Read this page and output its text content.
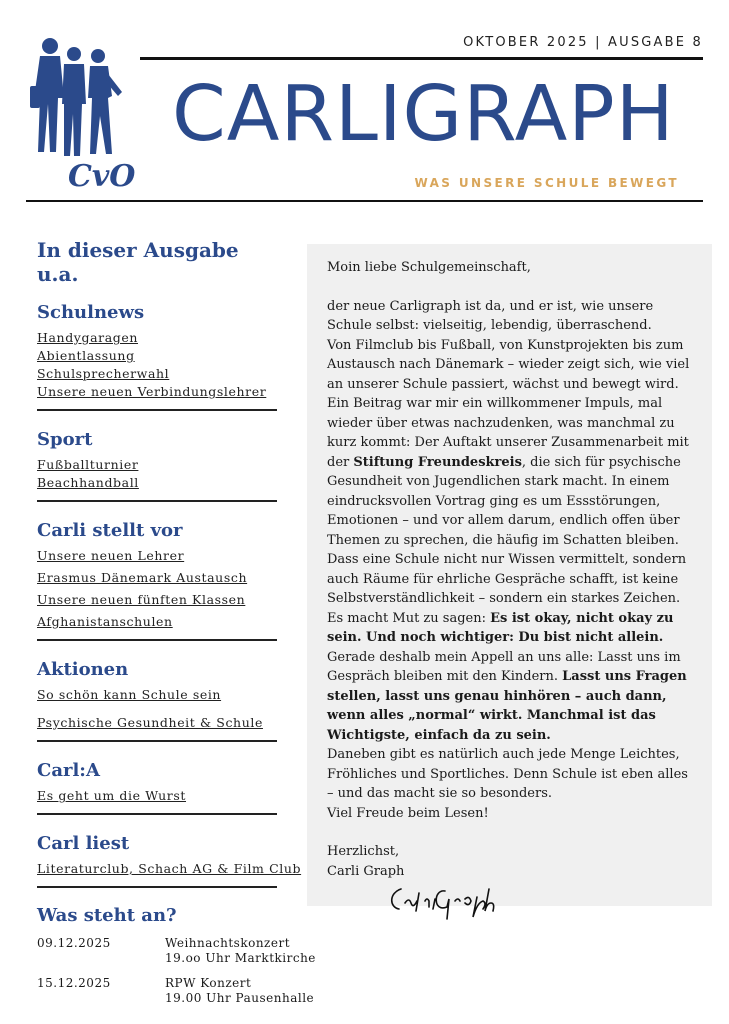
OKTOBER 2025 | AUSGABE 8
CvO
CARLIGRAPH
WAS UNSERE SCHULE BEWEGT
In dieser Ausgabe u.a.
Schulnews
Handygaragen
Abientlassung
Schulsprecherwahl
Unsere neuen Verbindungslehrer
Sport
Fußballturnier
Beachhandball
Carli stellt vor
Unsere neuen Lehrer
Erasmus Dänemark Austausch
Unsere neuen fünften Klassen
Afghanistanschulen
Aktionen
So schön kann Schule sein
Psychische Gesundheit & Schule
Carl:A
Es geht um die Wurst
Carl liest
Literaturclub, Schach AG & Film Club
Was steht an?
09.12.2025	Weihnachtskonzert
19.oo Uhr Marktkirche
15.12.2025	RPW Konzert
19.00 Uhr Pausenhalle

Moin liebe Schulgemeinschaft,

der neue Carligraph ist da, und er ist, wie unsere Schule selbst: vielseitig, lebendig, überraschend.

Von Filmclub bis Fußball, von Kunstprojekten bis zum Austausch nach Dänemark – wieder zeigt sich, wie viel an unserer Schule passiert, wächst und bewegt wird.

Ein Beitrag war mir ein willkommener Impuls, mal wieder über etwas nachzudenken, was manchmal zu kurz kommt: Der Auftakt unserer Zusammenarbeit mit der Stiftung Freundeskreis, die sich für psychische Gesundheit von Jugendlichen stark macht. In einem eindrucksvollen Vortrag ging es um Essstörungen, Emotionen – und vor allem darum, endlich offen über Themen zu sprechen, die häufig im Schatten bleiben.

Dass eine Schule nicht nur Wissen vermittelt, sondern auch Räume für ehrliche Gespräche schafft, ist keine Selbstverständlichkeit – sondern ein starkes Zeichen.

Es macht Mut zu sagen: Es ist okay, nicht okay zu sein. Und noch wichtiger: Du bist nicht allein.

Gerade deshalb mein Appell an uns alle: Lasst uns im Gespräch bleiben mit den Kindern. Lasst uns Fragen stellen, lasst uns genau hinhören – auch dann, wenn alles „normal“ wirkt. Manchmal ist das Wichtigste, einfach da zu sein.

Daneben gibt es natürlich auch jede Menge Leichtes, Fröhliches und Sportliches. Denn Schule ist eben alles – und das macht sie so besonders.

Viel Freude beim Lesen!

Herzlichst,

Carli Graph
